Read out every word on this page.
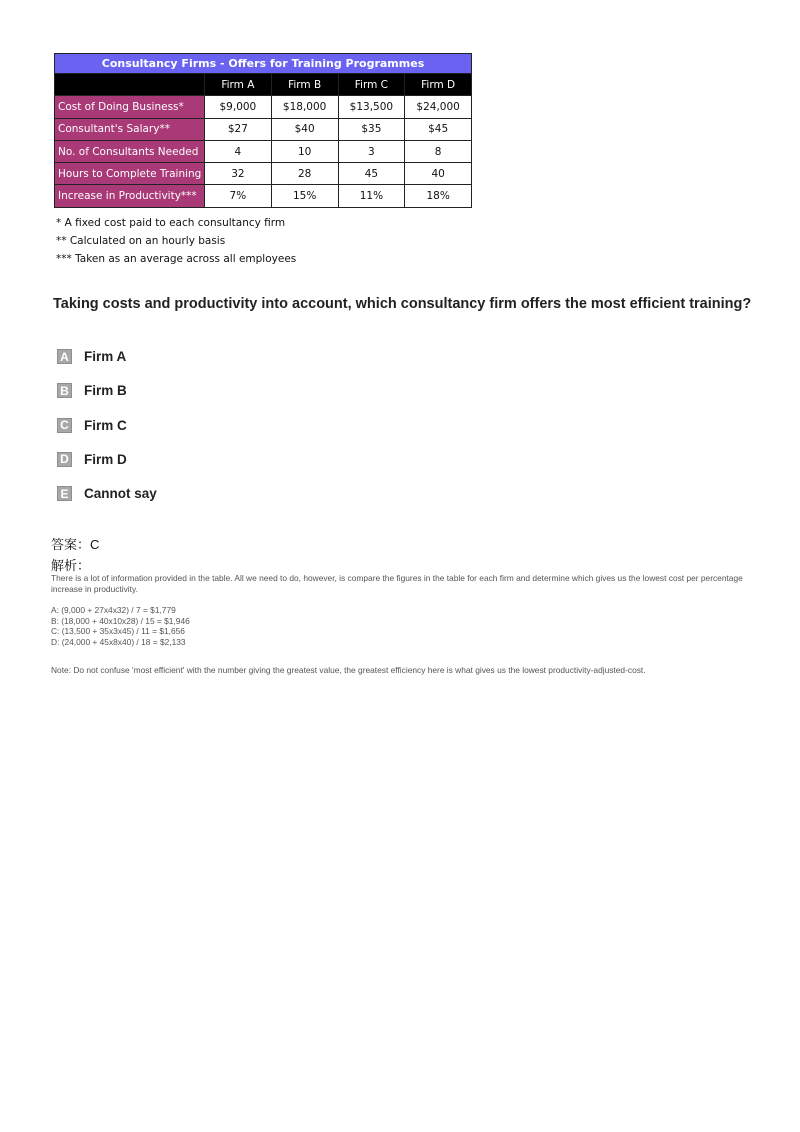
Consultancy Firms - Offers for Training Programmes				
	Firm A	Firm B	Firm C	Firm D
Cost of Doing Business*	$9,000	$18,000	$13,500	$24,000
Consultant's Salary**	$27	$40	$35	$45
No. of Consultants Needed	4	10	3	8
Hours to Complete Training	32	28	45	40
Increase in Productivity***	7%	15%	11%	18%
* A fixed cost paid to each consultancy firm
** Calculated on an hourly basis
*** Taken as an average across all employees
Taking costs and productivity into account, which consultancy firm offers the most efficient training?
A Firm A
B Firm B
C Firm C
D Firm D
E Cannot say
答案：C
解析：
There is a lot of information provided in the table. All we need to do, however, is compare the figures in the table for each firm and determine which gives us the lowest cost per percentage increase in productivity.
A: (9,000 + 27x4x32) / 7 = $1,779
B: (18,000 + 40x10x28) / 15 = $1,946
C: (13,500 + 35x3x45) / 11 = $1,656
D: (24,000 + 45x8x40) / 18 = $2,133
Note: Do not confuse 'most efficient' with the number giving the greatest value, the greatest efficiency here is what gives us the lowest productivity-adjusted-cost.
